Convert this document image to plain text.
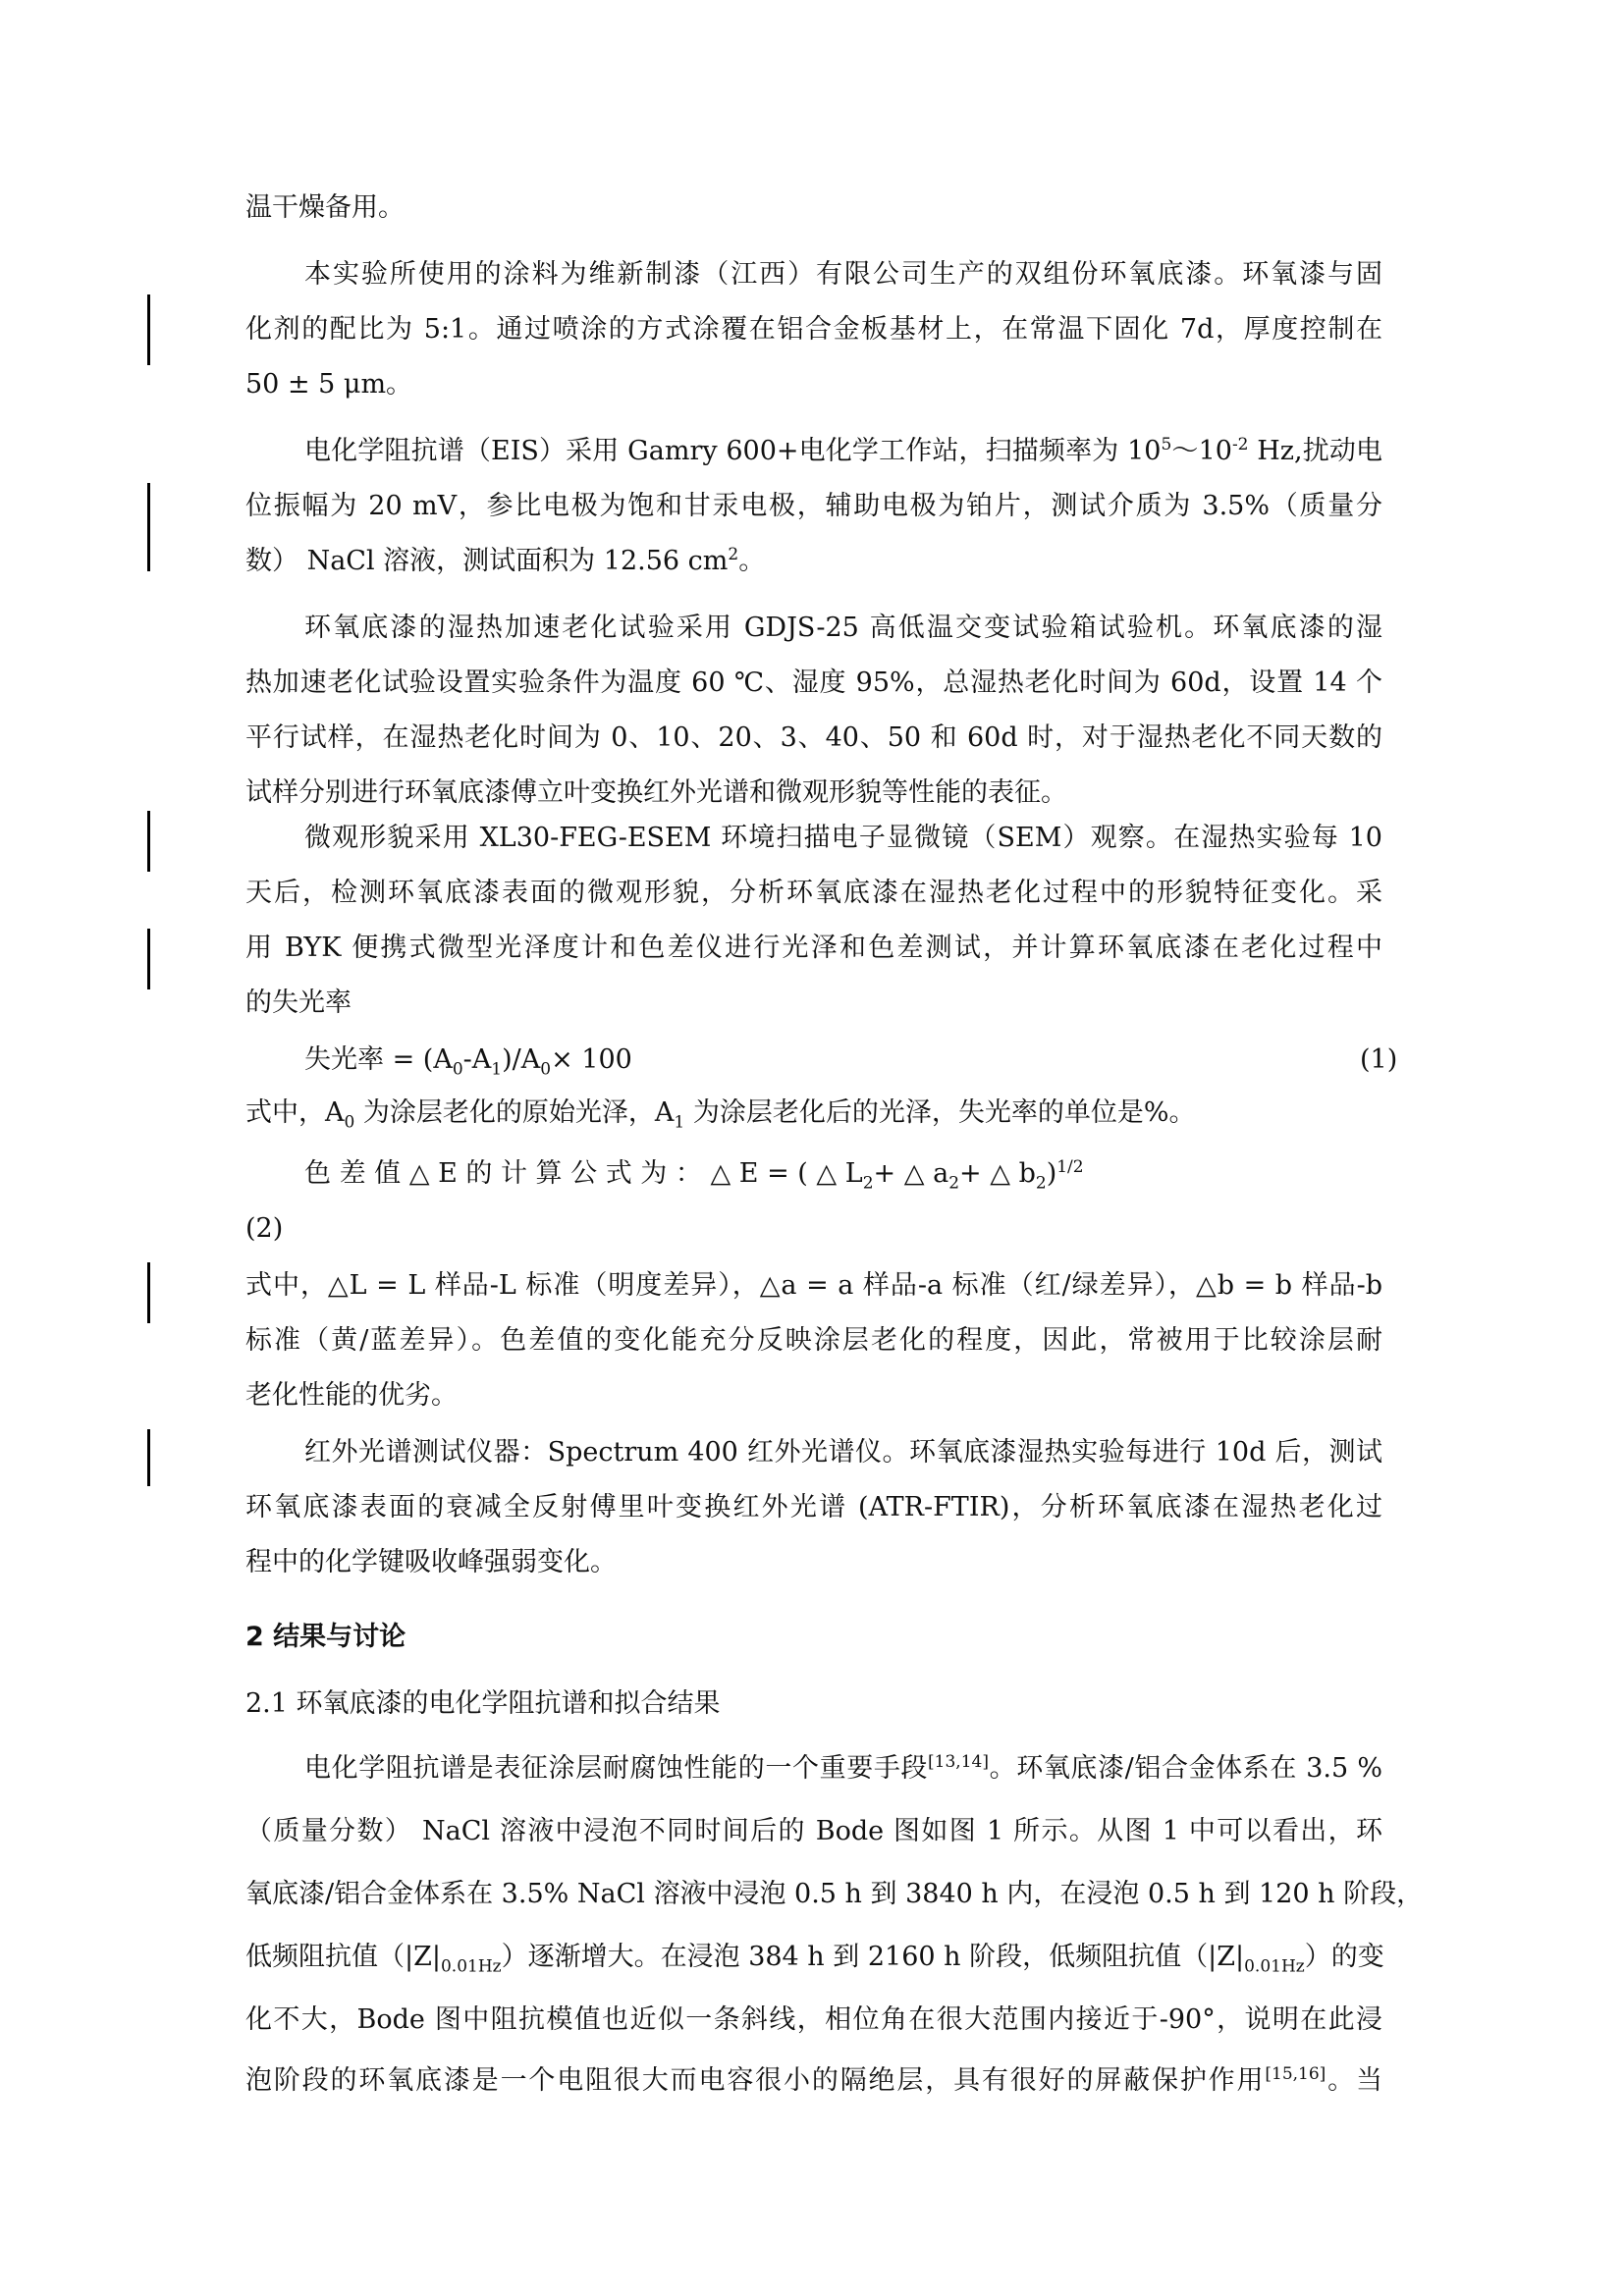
温干燥备用。

本实验所使用的涂料为维新制漆（江西）有限公司生产的双组份环氧底漆。环氧漆与固

化剂的配比为 5:1。通过喷涂的方式涂覆在铝合金板基材上，在常温下固化 7d，厚度控制在

50 ± 5 μm。

电化学阻抗谱（EIS）采用 Gamry 600+电化学工作站，扫描频率为 $10^5\sim 10^{-2}$ Hz,扰动电

位振幅为 20 mV，参比电极为饱和甘汞电极，辅助电极为铂片，测试介质为 3.5%（质量分

数） NaCl 溶液，测试面积为 12.56 $cm^2$。

环氧底漆的湿热加速老化试验采用 GDJS-25 高低温交变试验箱试验机。环氧底漆的湿

热加速老化试验设置实验条件为温度 60 ℃、湿度 95%，总湿热老化时间为 60d，设置 14 个

平行试样，在湿热老化时间为 0、10、20、3、40、50 和 60d 时，对于湿热老化不同天数的

试样分别进行环氧底漆傅立叶变换红外光谱和微观形貌等性能的表征。

微观形貌采用 XL30-FEG-ESEM 环境扫描电子显微镜（SEM）观察。在湿热实验每 10

天后，检测环氧底漆表面的微观形貌，分析环氧底漆在湿热老化过程中的形貌特征变化。采

用 BYK 便携式微型光泽度计和色差仪进行光泽和色差测试，并计算环氧底漆在老化过程中

的失光率

失光率 = $(A_0-A_1)/A_0\times 100$	(1)

式中，$A_0$ 为涂层老化的原始光泽，$A_1$ 为涂层老化后的光泽，失光率的单位是%。

色 差 值 △ E 的 计 算 公 式 为 ： △ E = ( △ $L_2+$ △ $a_2+$ △ $b_2)^{1/2}$

(2)

式中，△L = L 样品-L 标准（明度差异），△a = a 样品-a 标准（红/绿差异），△b = b 样品-b

标准（黄/蓝差异）。色差值的变化能充分反映涂层老化的程度，因此，常被用于比较涂层耐

老化性能的优劣。

红外光谱测试仪器：Spectrum 400 红外光谱仪。环氧底漆湿热实验每进行 10d 后，测试

环氧底漆表面的衰减全反射傅里叶变换红外光谱 (ATR-FTIR)，分析环氧底漆在湿热老化过

程中的化学键吸收峰强弱变化。

2 结果与讨论

2.1 环氧底漆的电化学阻抗谱和拟合结果

电化学阻抗谱是表征涂层耐腐蚀性能的一个重要手段[13,14]。环氧底漆/铝合金体系在 3.5 %

（质量分数） NaCl 溶液中浸泡不同时间后的 Bode 图如图 1 所示。从图 1 中可以看出，环

氧底漆/铝合金体系在 3.5% NaCl 溶液中浸泡 0.5 h 到 3840 h 内，在浸泡 0.5 h 到 120 h 阶段，

低频阻抗值$(|Z|_{0.01Hz})$逐渐增大。在浸泡 384 h 到 2160 h 阶段，低频阻抗值$(|Z|_{0.01Hz})$的变

化不大，Bode 图中阻抗模值也近似一条斜线，相位角在很大范围内接近于-90°，说明在此浸

泡阶段的环氧底漆是一个电阻很大而电容很小的隔绝层，具有很好的屏蔽保护作用[15,16]。当
